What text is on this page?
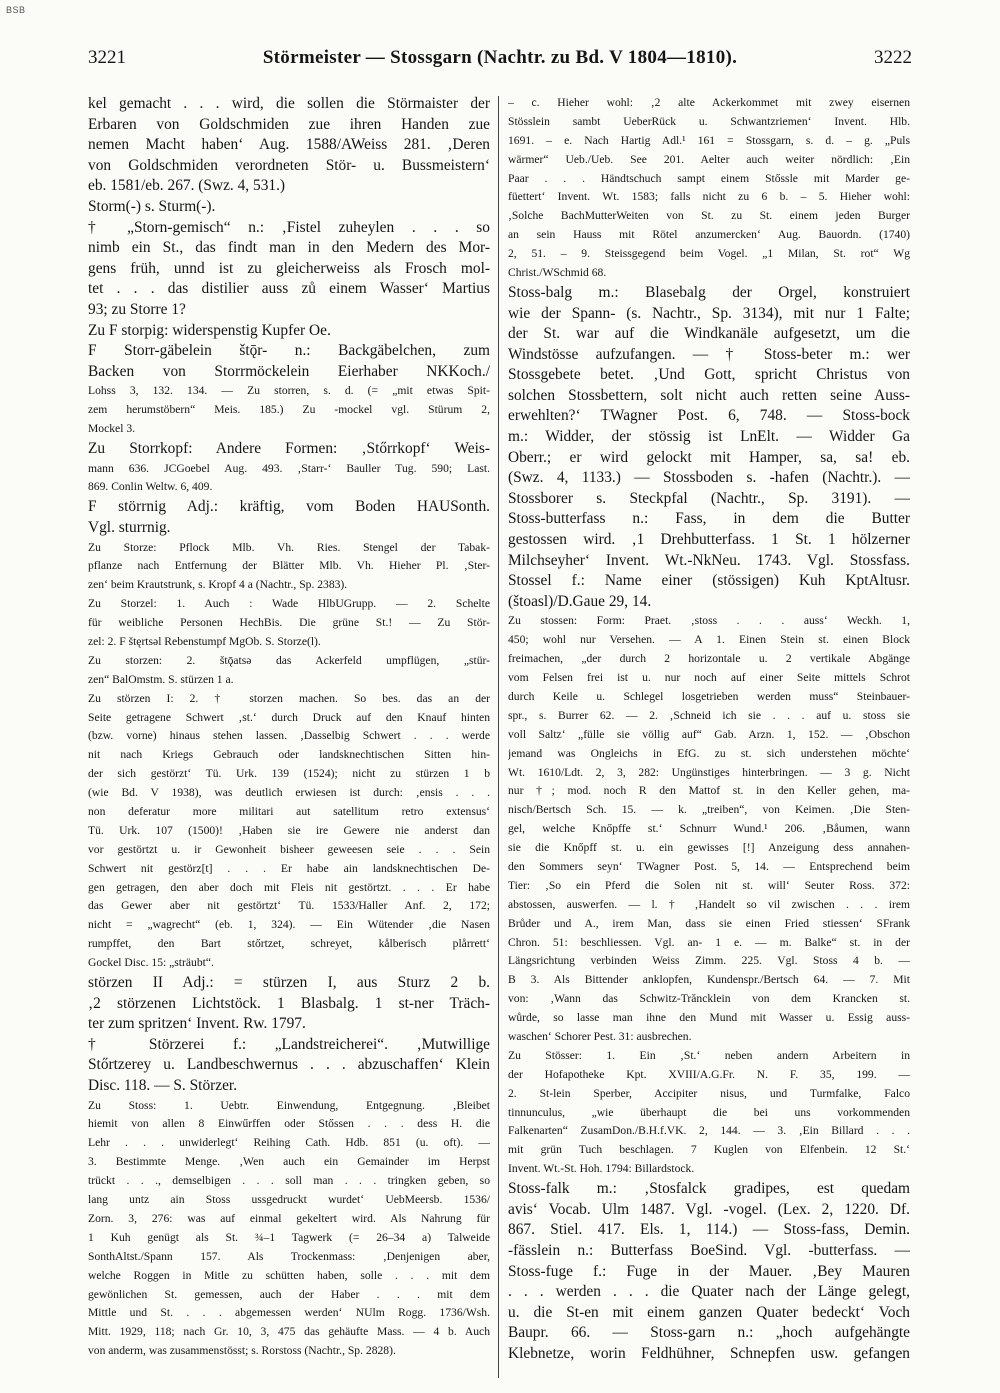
BSB
3221	Störmeister — Stossgarn (Nachtr. zu Bd. V 1804—1810).	3222

kel gemacht . . . wird, die sollen die Störmaister der

Erbaren von Goldschmiden zue ihren Handen zue

nemen Macht haben‘ Aug. 1588/AWeiss 281. ‚Deren

von Goldschmiden verordneten Stör- u. Bussmeistern‘

eb. 1581/eb. 267. (Swz. 4, 531.)

Storm(-) s. Sturm(-).

† „Storn-gemisch“ n.: ‚Fistel zuheylen . . . so

nimb ein St., das findt man in den Medern des Mor-

gens früh, unnd ist zu gleicherweiss als Frosch mol-

tet . . . das distilier auss zů einem Wasser‘ Martius

93; zu Storre 1?

Zu F storpig: widerspenstig Kupfer Oe.

F Storr-gäbelein štǭr- n.: Backgäbelchen, zum

Backen von Storrmöckelein Eierhaber NKKoch./

Lohss 3, 132. 134. — Zu storren, s. d. (= „mit etwas Spit-

zem herumstöbern“ Meis. 185.) Zu -mockel vgl. Stürum 2,

Mockel 3.

Zu Storrkopf: Andere Formen: ‚Stőrrkopf‘ Weis-

mann 636. JCGoebel Aug. 493. ‚Starr-‘ Bauller Tug. 590; Last.

869. Conlin Weltw. 6, 409.

F störrnig Adj.: kräftig, vom Boden HAUSonth.

Vgl. sturrnig.

Zu Storze: Pflock Mlb. Vh. Ries. Stengel der Tabak-

pflanze nach Entfernung der Blätter Mlb. Vh. Hieher Pl. ‚Ster-

zen‘ beim Krautstrunk, s. Kropf 4 a (Nachtr., Sp. 2383).

Zu Storzel: 1. Auch : Wade HlbUGrupp. — 2. Schelte

für weibliche Personen HechBis. Die grüne St.! — Zu Stör-

zel: 2. F štęrtsəl Rebenstumpf MgOb. S. Storze(l).

Zu storzen: 2. štǭatsə das Ackerfeld umpflügen, „stür-

zen“ BalOmstm. S. stürzen 1 a.

Zu störzen I: 2. † storzen machen. So bes. das an der

Seite getragene Schwert ‚st.‘ durch Druck auf den Knauf hinten

(bzw. vorne) hinaus stehen lassen. ‚Dasselbig Schwert . . . werde

nit nach Kriegs Gebrauch oder landsknechtischen Sitten hin-

der sich gestörzt‘ Tü. Urk. 139 (1524); nicht zu stürzen 1 b

(wie Bd. V 1938), was deutlich erwiesen ist durch: ‚ensis . . .

non deferatur more militari aut satellitum retro extensus‘

Tü. Urk. 107 (1500)! ‚Haben sie ire Gewere nie anderst dan

vor gestörtzt u. ir Gewonheit bisheer geweesen seie . . . Sein

Schwert nit gestörz[t] . . . Er habe ain landsknechtischen De-

gen getragen, den aber doch mit Fleis nit gestörtzt. . . . Er habe

das Gewer aber nit gestörtzt‘ Tü. 1533/Haller Anf. 2, 172;

nicht = „wagrecht“ (eb. 1, 324). — Ein Wütender ‚die Nasen

rumpffet, den Bart stőrtzet, schreyet, kålberisch plårrett‘

Gockel Disc. 15: „sträubt“.

störzen II Adj.: = stürzen I, aus Sturz 2 b.

‚2 störzenen Lichtstöck. 1 Blasbalg. 1 st-ner Träch-

ter zum spritzen‘ Invent. Rw. 1797.

† Störzerei f.: „Landstreicherei“. ‚Mutwillige

Stőrtzerey u. Landbeschwernus . . . abzuschaffen‘ Klein

Disc. 118. — S. Störzer.

Zu Stoss: 1. Uebtr. Einwendung, Entgegnung. ‚Bleibet

hiemit von allen 8 Einwűrffen oder Stőssen . . . dess H. die

Lehr . . . unwiderlegt‘ Reihing Cath. Hdb. 851 (u. oft). —

3. Bestimmte Menge. ‚Wen auch ein Gemainder im Herpst

trückt . . ., demselbigen . . . soll man . . . tringken geben, so

lang untz ain Stoss ussgedruckt wurdet‘ UebMeersb. 1536/

Zorn. 3, 276: was auf einmal gekeltert wird. Als Nahrung für

1 Kuh genügt als St. ¾–1 Tagwerk (= 26–34 a) Talweide

SonthAltst./Spann 157. Als Trockenmass: ‚Denjenigen aber,

welche Roggen in Mitle zu schütten haben, solle . . . mit dem

gewönlichen St. gemessen, auch der Haber . . . mit dem

Mittle und St. . . . abgemessen werden‘ NUlm Rogg. 1736/Wsh.

Mitt. 1929, 118; nach Gr. 10, 3, 475 das gehäufte Mass. — 4 b. Auch

von anderm, was zusammenstösst; s. Rorstoss (Nachtr., Sp. 2828).

– c. Hieher wohl: ‚2 alte Ackerkommet mit zwey eisernen

Stösslein sambt UeberRück u. Schwantzriemen‘ Invent. Hlb.

1691. – e. Nach Hartig Adl.¹ 161 = Stossgarn, s. d. – g. „Puls

wärmer“ Ueb./Ueb. See 201. Aelter auch weiter nördlich: ‚Ein

Paar . . . Händtschuch sampt einem Stőssle mit Marder ge-

füettert‘ Invent. Wt. 1583; falls nicht zu 6 b. – 5. Hieher wohl:

‚Solche BachMutterWeiten von St. zu St. einem jeden Burger

an sein Hauss mit Rötel anzumercken‘ Aug. Bauordn. (1740)

2, 51. – 9. Steissgegend beim Vogel. „1 Milan, St. rot“ Wg

Christ./WSchmid 68.

Stoss-balg m.: Blasebalg der Orgel, konstruiert

wie der Spann- (s. Nachtr., Sp. 3134), mit nur 1 Falte;

der St. war auf die Windkanäle aufgesetzt, um die

Windstösse aufzufangen. — † Stoss-beter m.: wer

Stossgebete betet. ‚Und Gott, spricht Christus von

solchen Stossbettern, solt nicht auch retten seine Auss-

erwehlten?‘ TWagner Post. 6, 748. — Stoss-bock

m.: Widder, der stössig ist LnElt. — Widder Ga

Oberr.; er wird gelockt mit Hamper, sa, sa! eb.

(Swz. 4, 1133.) — Stossboden s. -hafen (Nachtr.). —

Stossborer s. Steckpfal (Nachtr., Sp. 3191). —

Stoss-butterfass n.: Fass, in dem die Butter

gestossen wird. ‚1 Drehbutterfass. 1 St. 1 hölzerner

Milchseyher‘ Invent. Wt.-NkNeu. 1743. Vgl. Stossfass.

Stossel f.: Name einer (stössigen) Kuh KptAltusr.

(štoasl)/D.Gaue 29, 14.

Zu stossen: Form: Praet. ‚stoss . . . auss‘ Weckh. 1,

450; wohl nur Versehen. — A 1. Einen Stein st. einen Block

freimachen, „der durch 2 horizontale u. 2 vertikale Abgänge

vom Felsen frei ist u. nur noch auf einer Seite mittels Schrot

durch Keile u. Schlegel losgetrieben werden muss“ Steinbauer-

spr., s. Burrer 62. — 2. ‚Schneid ich sie . . . auf u. stoss sie

voll Saltz‘ „fülle sie völlig auf“ Gab. Arzn. 1, 152. — ‚Obschon

jemand was Ongleichs in EfG. zu st. sich understehen möchte‘

Wt. 1610/Ldt. 2, 3, 282: Ungünstiges hinterbringen. — 3 g. Nicht

nur †; mod. noch R den Mattof st. in den Keller gehen, ma-

nisch/Bertsch Sch. 15. — k. „treiben“, von Keimen. ‚Die Sten-

gel, welche Knőpffe st.‘ Schnurr Wund.¹ 206. ‚Båumen, wann

sie die Knőpff st. u. ein gewisses [!] Anzeigung dess annahen-

den Sommers seyn‘ TWagner Post. 5, 14. — Entsprechend beim

Tier: ‚So ein Pferd die Solen nit st. will‘ Seuter Ross. 372:

abstossen, auswerfen. — l. † ‚Handelt so vil zwischen . . . irem

Brůder und A., irem Man, dass sie einen Fried stiessen‘ SFrank

Chron. 51: beschliessen. Vgl. an- 1 e. — m. Balke“ st. in der

Längsrichtung verbinden Weiss Zimm. 225. Vgl. Stoss 4 b. —

B 3. Als Bittender anklopfen, Kundenspr./Bertsch 64. — 7. Mit

von: ‚Wann das Schwitz-Trăncklein von dem Krancken st.

wůrde, so lasse man ihne den Mund mit Wasser u. Essig auss-

waschen‘ Schorer Pest. 31: ausbrechen.

Zu Stösser: 1. Ein ‚St.‘ neben andern Arbeitern in

der Hofapotheke Kpt. XVIII/A.G.Fr. N. F. 35, 199. —

2. St-lein Sperber, Accipiter nisus, und Turmfalke, Falco

tinnunculus, „wie überhaupt die bei uns vorkommenden

Falkenarten“ ZusamDon./B.H.f.VK. 2, 144. — 3. ‚Ein Billard . . .

mit grün Tuch beschlagen. 7 Kuglen von Elfenbein. 12 St.‘

Invent. Wt.-St. Hoh. 1794: Billardstock.

Stoss-falk m.: ‚Stosfalck gradipes, est quedam

avis‘ Vocab. Ulm 1487. Vgl. -vogel. (Lex. 2, 1220. Df.

867. Stiel. 417. Els. 1, 114.) — Stoss-fass, Demin.

-fässlein n.: Butterfass BoeSind. Vgl. -butterfass. —

Stoss-fuge f.: Fuge in der Mauer. ‚Bey Mauren

. . . werden . . . die Quater nach der Länge gelegt,

u. die St-en mit einem ganzen Quater bedeckt‘ Voch

Baupr. 66. — Stoss-garn n.: „hoch aufgehängte

Klebnetze, worin Feldhühner, Schnepfen usw. gefangen
